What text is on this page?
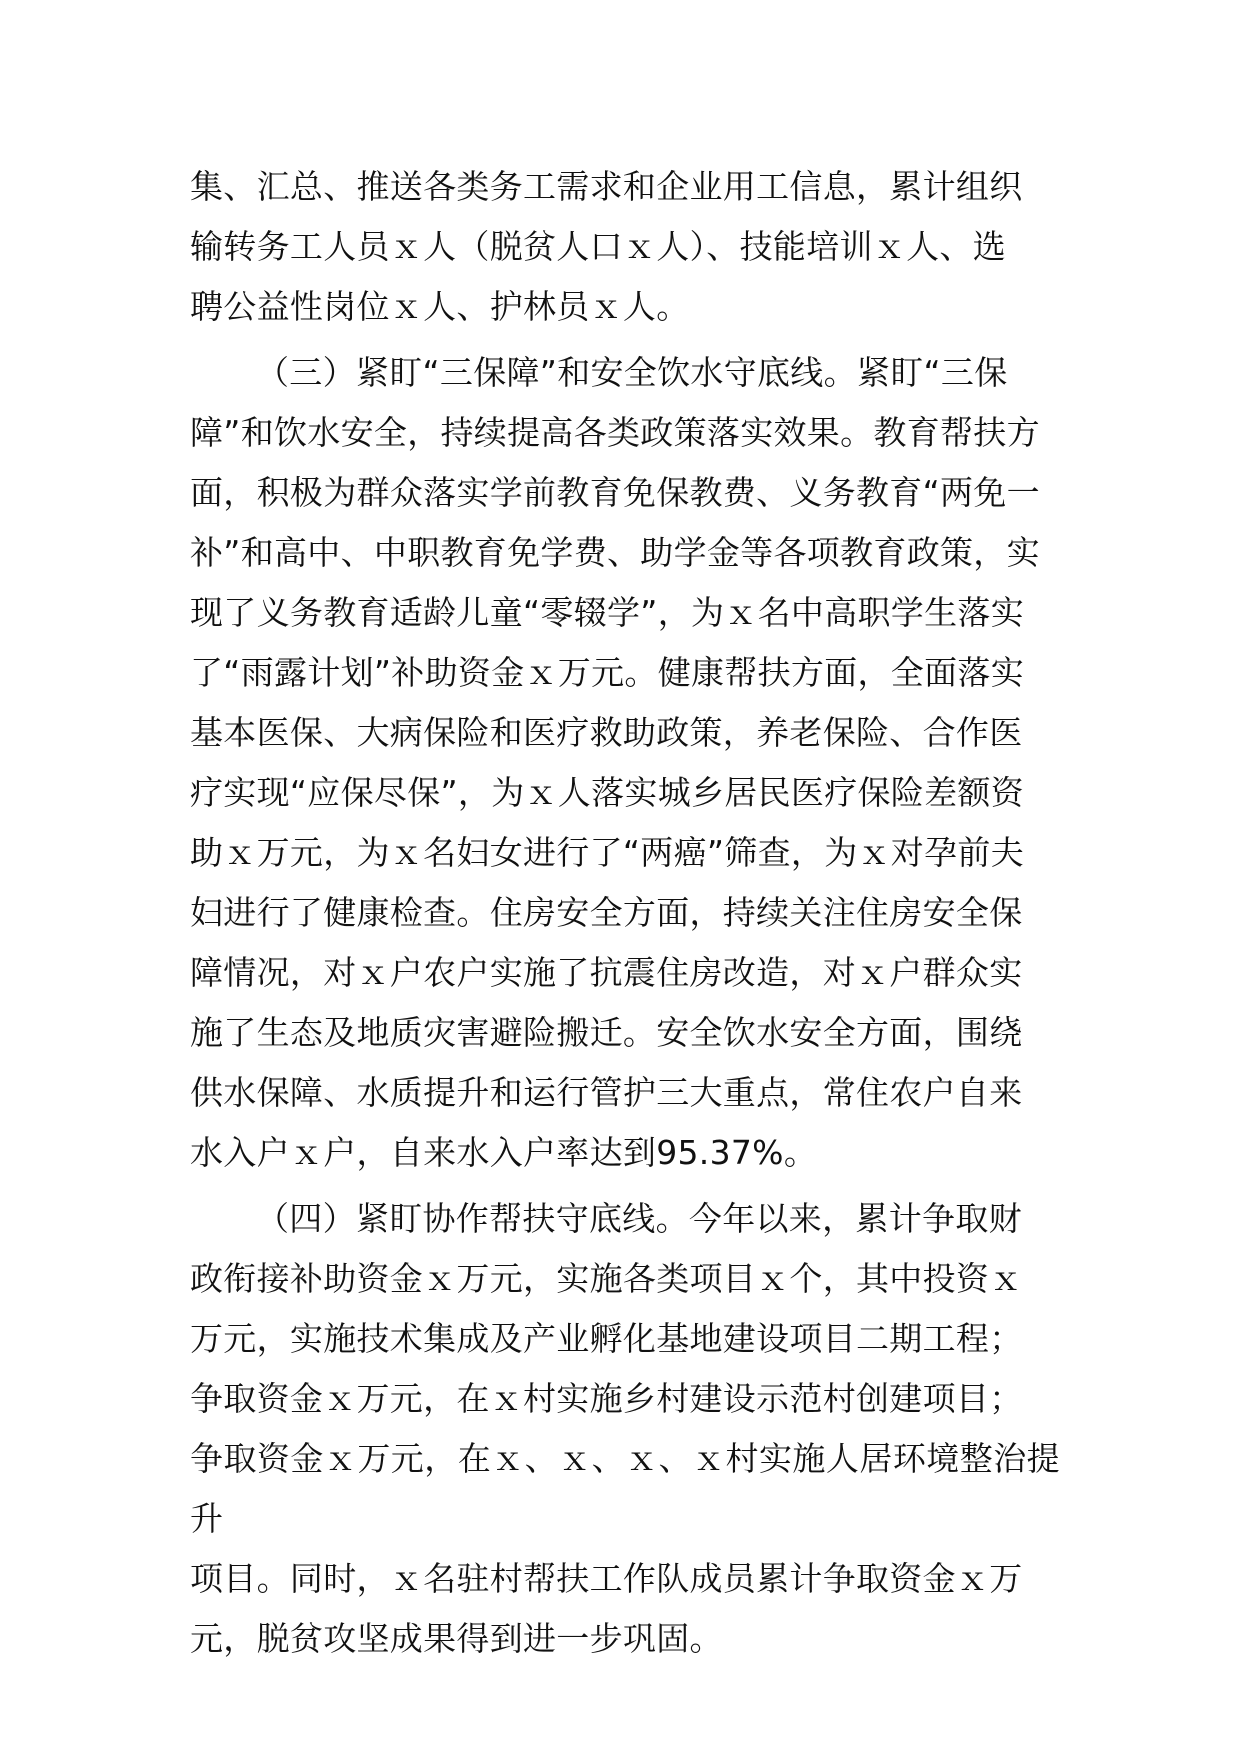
集、汇总、推送各类务工需求和企业用工信息，累计组织
输转务工人员ｘ人（脱贫人口ｘ人）、技能培训ｘ人、选
聘公益性岗位ｘ人、护林员ｘ人。
（三）紧盯“三保障”和安全饮水守底线。紧盯“三保
障”和饮水安全，持续提高各类政策落实效果。教育帮扶方
面，积极为群众落实学前教育免保教费、义务教育“两免一
补”和高中、中职教育免学费、助学金等各项教育政策，实
现了义务教育适龄儿童“零辍学”，为ｘ名中高职学生落实
了“雨露计划”补助资金ｘ万元。健康帮扶方面，全面落实
基本医保、大病保险和医疗救助政策，养老保险、合作医
疗实现“应保尽保”，为ｘ人落实城乡居民医疗保险差额资
助ｘ万元，为ｘ名妇女进行了“两癌”筛查，为ｘ对孕前夫
妇进行了健康检查。住房安全方面，持续关注住房安全保
障情况，对ｘ户农户实施了抗震住房改造，对ｘ户群众实
施了生态及地质灾害避险搬迁。安全饮水安全方面，围绕
供水保障、水质提升和运行管护三大重点，常住农户自来
水入户ｘ户，自来水入户率达到95.37%。
（四）紧盯协作帮扶守底线。今年以来，累计争取财
政衔接补助资金ｘ万元，实施各类项目ｘ个，其中投资ｘ
万元，实施技术集成及产业孵化基地建设项目二期工程；
争取资金ｘ万元，在ｘ村实施乡村建设示范村创建项目；
争取资金ｘ万元，在ｘ、ｘ、ｘ、ｘ村实施人居环境整治提升
项目。同时，ｘ名驻村帮扶工作队成员累计争取资金ｘ万
元，脱贫攻坚成果得到进一步巩固。
